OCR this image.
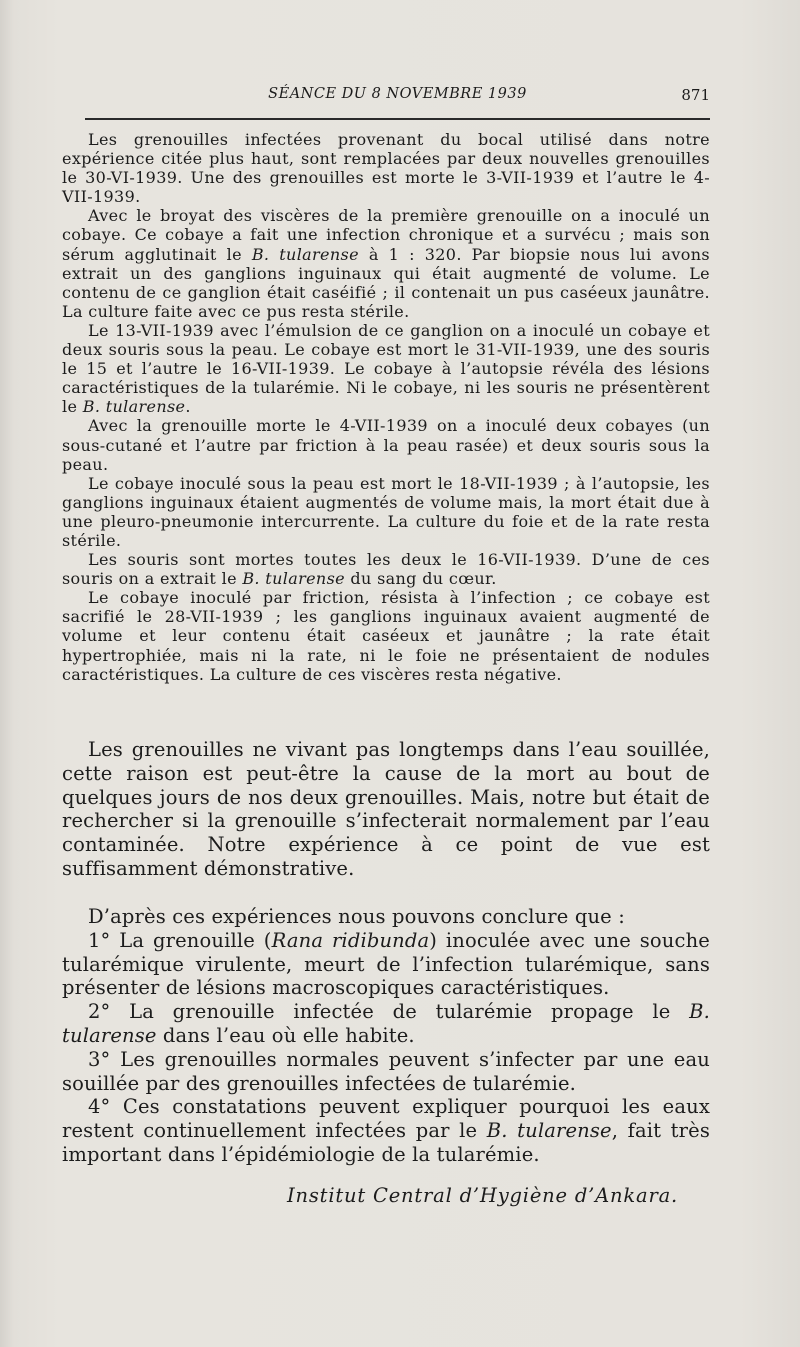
SÉANCE DU 8 NOVEMBRE 1939	871

Les grenouilles infectées provenant du bocal utilisé dans notre expérience citée plus haut, sont remplacées par deux nouvelles grenouilles le 30-VI-1939. Une des grenouilles est morte le 3-VII-1939 et l’autre le 4-VII-1939.

Avec le broyat des viscères de la première grenouille on a inoculé un cobaye. Ce cobaye a fait une infection chronique et a survécu ; mais son sérum agglutinait le B. tularense à 1 : 320. Par biopsie nous lui avons extrait un des ganglions inguinaux qui était augmenté de volume. Le contenu de ce ganglion était caséifié ; il contenait un pus caséeux jaunâtre. La culture faite avec ce pus resta stérile.

Le 13-VII-1939 avec l’émulsion de ce ganglion on a inoculé un cobaye et deux souris sous la peau. Le cobaye est mort le 31-VII-1939, une des souris le 15 et l’autre le 16-VII-1939. Le cobaye à l’autopsie révéla des lésions caractéristiques de la tularémie. Ni le cobaye, ni les souris ne présentèrent le B. tularense.

Avec la grenouille morte le 4-VII-1939 on a inoculé deux cobayes (un sous-cutané et l’autre par friction à la peau rasée) et deux souris sous la peau.

Le cobaye inoculé sous la peau est mort le 18-VII-1939 ; à l’autopsie, les ganglions inguinaux étaient augmentés de volume mais, la mort était due à une pleuro-pneumonie intercurrente. La culture du foie et de la rate resta stérile.

Les souris sont mortes toutes les deux le 16-VII-1939. D’une de ces souris on a extrait le B. tularense du sang du cœur.

Le cobaye inoculé par friction, résista à l’infection ; ce cobaye est sacrifié le 28-VII-1939 ; les ganglions inguinaux avaient augmenté de volume et leur contenu était caséeux et jaunâtre ; la rate était hypertrophiée, mais ni la rate, ni le foie ne présentaient de nodules caractéristiques. La culture de ces viscères resta négative.

Les grenouilles ne vivant pas longtemps dans l’eau souillée, cette raison est peut-être la cause de la mort au bout de quelques jours de nos deux grenouilles. Mais, notre but était de rechercher si la grenouille s’infecterait normalement par l’eau contaminée. Notre expérience à ce point de vue est suffisamment démonstrative.

D’après ces expériences nous pouvons conclure que :

1° La grenouille (Rana ridibunda) inoculée avec une souche tularémique virulente, meurt de l’infection tularémique, sans présenter de lésions macroscopiques caractéristiques.

2° La grenouille infectée de tularémie propage le B. tularense dans l’eau où elle habite.

3° Les grenouilles normales peuvent s’infecter par une eau souillée par des grenouilles infectées de tularémie.

4° Ces constatations peuvent expliquer pourquoi les eaux restent continuellement infectées par le B. tularense, fait très important dans l’épidémiologie de la tularémie.

Institut Central d’Hygiène d’Ankara.
